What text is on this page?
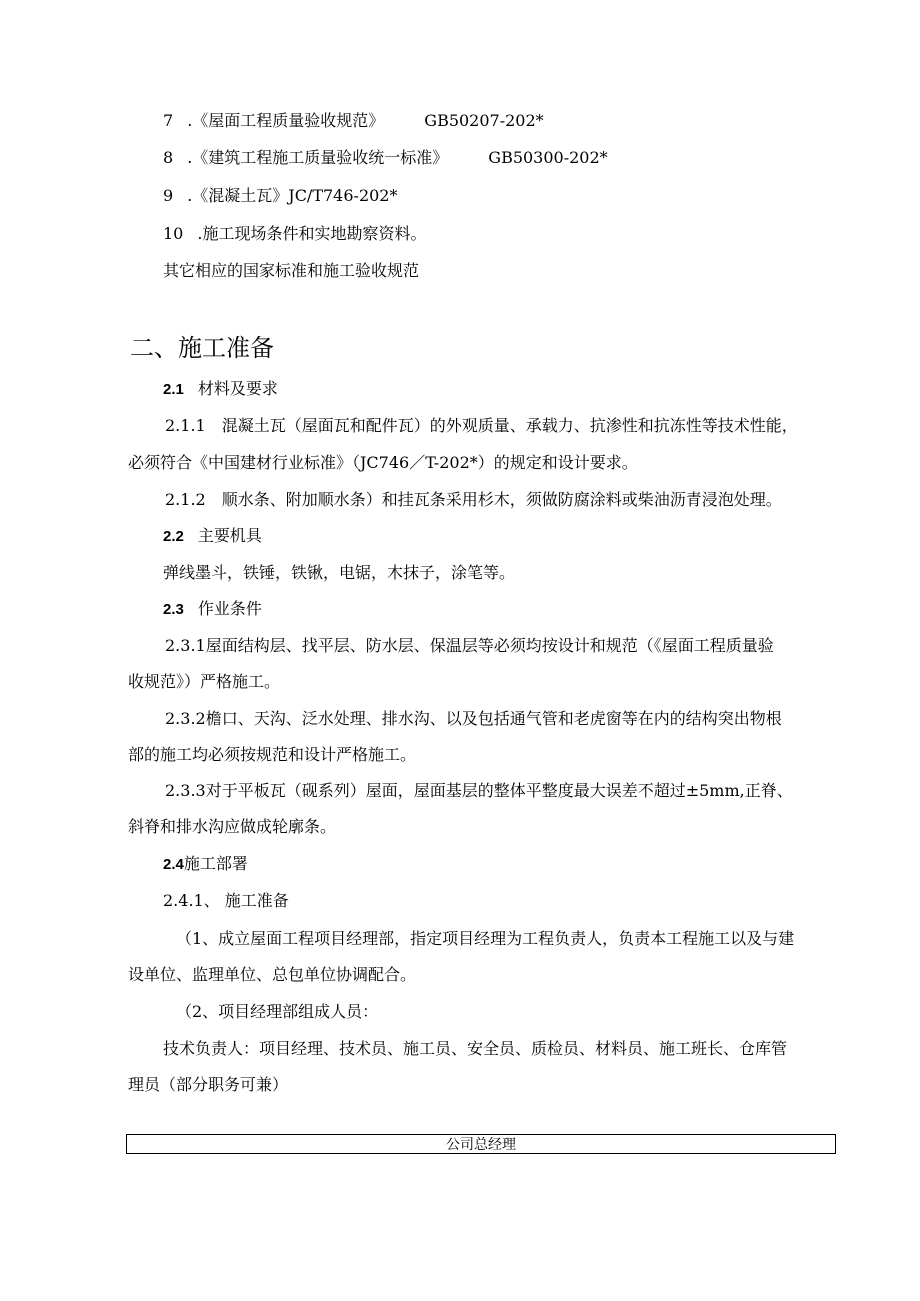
7 .《屋面工程质量验收规范》	GB50207-202*
8 .《建筑工程施工质量验收统一标准》	GB50300-202*
9 .《混凝土瓦》JC/T746-202*
10 .施工现场条件和实地勘察资料。
其它相应的国家标准和施工验收规范
二、施工准备
2.1 材料及要求
2.1.1　混凝土瓦（屋面瓦和配件瓦）的外观质量、承载力、抗渗性和抗冻性等技术性能，
必须符合《中国建材行业标准》（JC746／T-202*）的规定和设计要求。
2.1.2　顺水条、附加顺水条）和挂瓦条采用杉木，须做防腐涂料或柴油沥青浸泡处理。
2.2 主要机具
弹线墨斗，铁锤，铁锹，电锯，木抹子，涂笔等。
2.3 作业条件
2.3.1屋面结构层、找平层、防水层、保温层等必须均按设计和规范（《屋面工程质量验
收规范》）严格施工。
2.3.2檐口、天沟、泛水处理、排水沟、以及包括通气管和老虎窗等在内的结构突出物根
部的施工均必须按规范和设计严格施工。
2.3.3对于平板瓦（砚系列）屋面，屋面基层的整体平整度最大误差不超过±5mm,正脊、
斜脊和排水沟应做成轮廓条。
2.4施工部署
2.4.1、 施工准备
（1、成立屋面工程项目经理部，指定项目经理为工程负责人，负责本工程施工以及与建
设单位、监理单位、总包单位协调配合。
（2、项目经理部组成人员：
技术负责人：项目经理、技术员、施工员、安全员、质检员、材料员、施工班长、仓库管
理员（部分职务可兼）
公司总经理
